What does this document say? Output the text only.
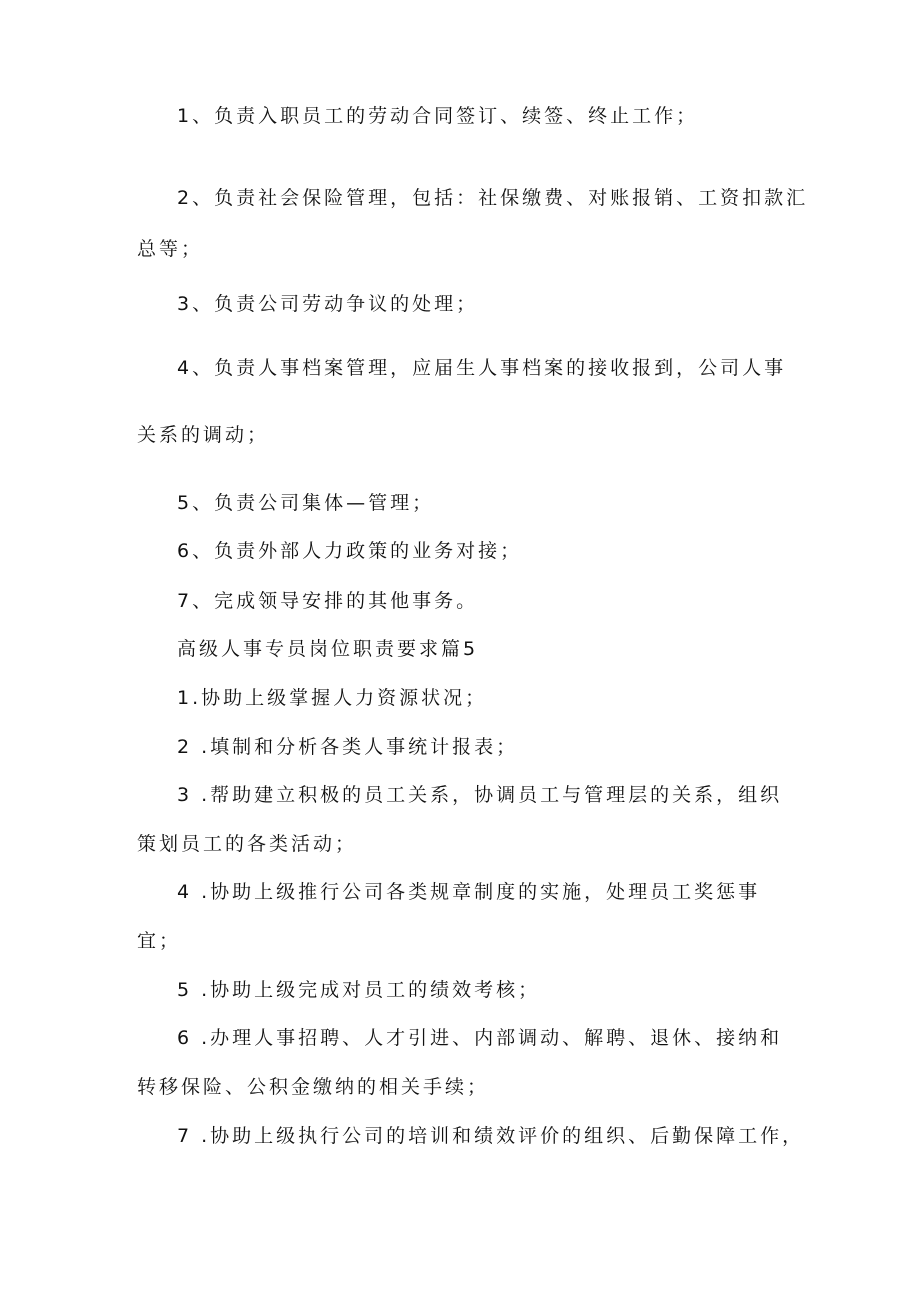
1、负责入职员工的劳动合同签订、续签、终止工作；
2、负责社会保险管理，包括：社保缴费、对账报销、工资扣款汇
总等；
3、负责公司劳动争议的处理；
4、负责人事档案管理，应届生人事档案的接收报到，公司人事
关系的调动；
5、负责公司集体—管理；
6、负责外部人力政策的业务对接；
7、完成领导安排的其他事务。
高级人事专员岗位职责要求篇5
1.协助上级掌握人力资源状况；
2 .填制和分析各类人事统计报表；
3 .帮助建立积极的员工关系，协调员工与管理层的关系，组织
策划员工的各类活动；
4 .协助上级推行公司各类规章制度的实施，处理员工奖惩事
宜；
5 .协助上级完成对员工的绩效考核；
6 .办理人事招聘、人才引进、内部调动、解聘、退休、接纳和
转移保险、公积金缴纳的相关手续；
7 .协助上级执行公司的培训和绩效评价的组织、后勤保障工作，
